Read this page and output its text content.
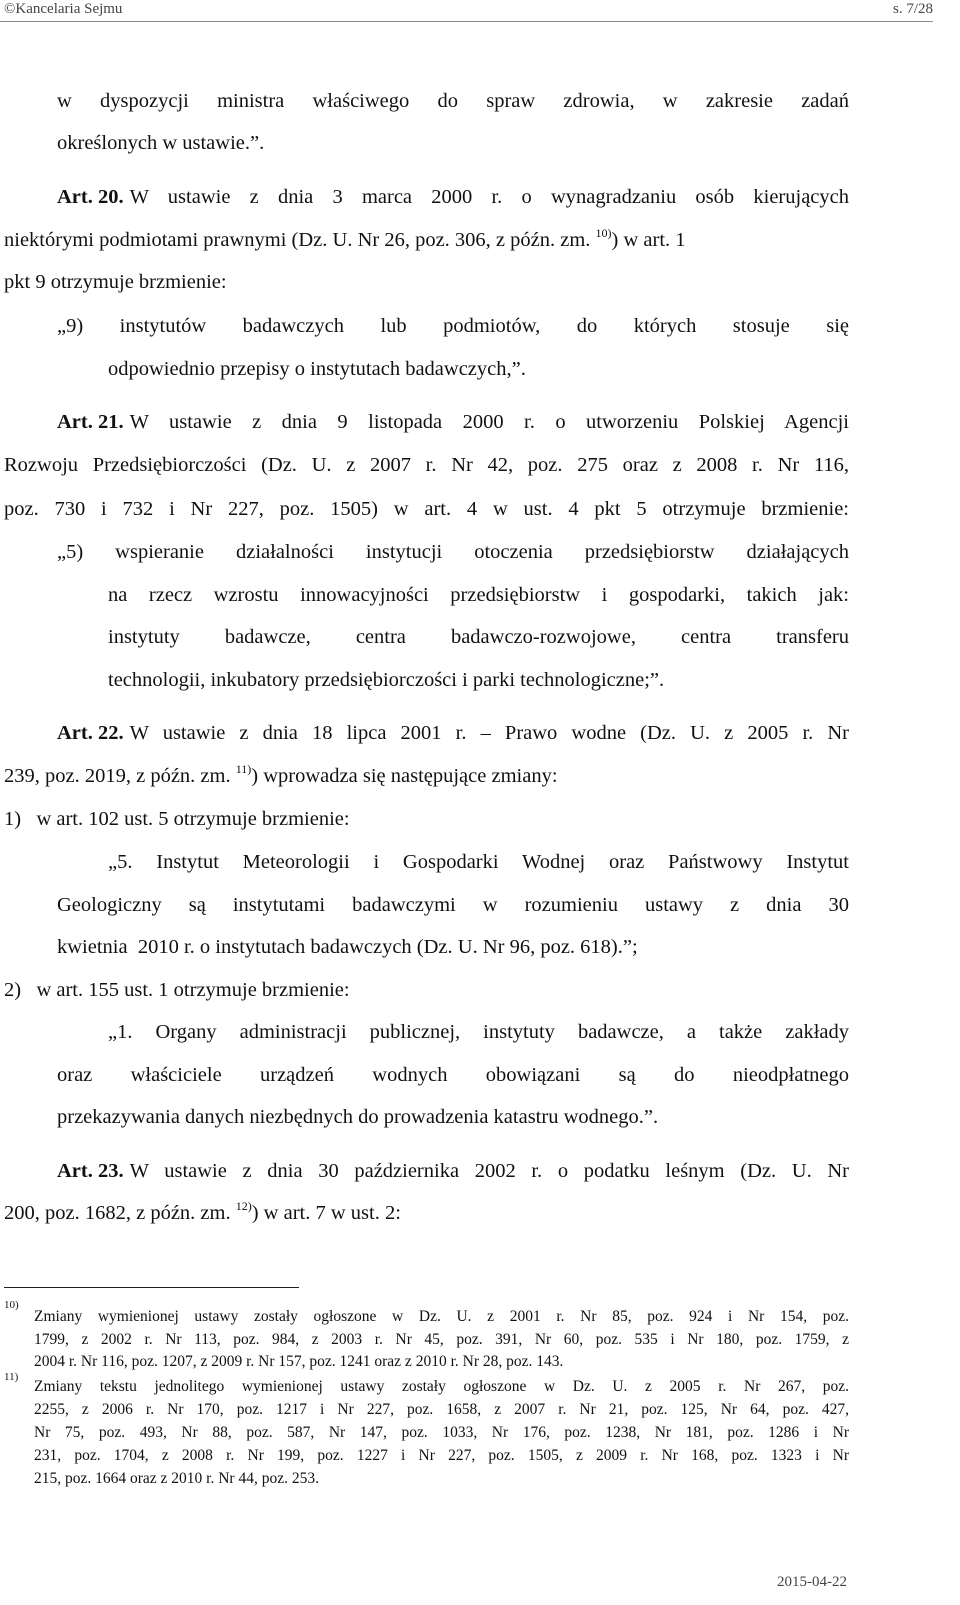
©Kancelaria Sejmu	s. 7/28
w dyspozycji ministra właściwego do spraw zdrowia, w zakresie zadań
określonych w ustawie.”.
Art. 20. W ustawie z dnia 3 marca 2000 r. o wynagradzaniu osób kierujących
niektórymi podmiotami prawnymi (Dz. U. Nr 26, poz. 306, z późn. zm. $^{10)}$) w art. 1
pkt 9 otrzymuje brzmienie:
„9) instytutów badawczych lub podmiotów, do których stosuje się
odpowiednio przepisy o instytutach badawczych,”.
Art. 21. W ustawie z dnia 9 listopada 2000 r. o utworzeniu Polskiej Agencji
Rozwoju Przedsiębiorczości (Dz. U. z 2007 r. Nr 42, poz. 275 oraz z 2008 r. Nr 116,
poz. 730 i 732 i Nr 227, poz. 1505) w art. 4 w ust. 4 pkt 5 otrzymuje brzmienie:
„5) wspieranie działalności instytucji otoczenia przedsiębiorstw działających
na rzecz wzrostu innowacyjności przedsiębiorstw i gospodarki, takich jak:
instytuty badawcze, centra badawczo-rozwojowe, centra transferu
technologii, inkubatory przedsiębiorczości i parki technologiczne;”.
Art. 22. W ustawie z dnia 18 lipca 2001 r. – Prawo wodne (Dz. U. z 2005 r. Nr
239, poz. 2019, z późn. zm. $^{11)}$) wprowadza się następujące zmiany:
1)   w art. 102 ust. 5 otrzymuje brzmienie:
„5. Instytut Meteorologii i Gospodarki Wodnej oraz Państwowy Instytut
Geologiczny są instytutami badawczymi w rozumieniu ustawy z dnia 30
kwietnia  2010 r. o instytutach badawczych (Dz. U. Nr 96, poz. 618).”;
2)   w art. 155 ust. 1 otrzymuje brzmienie:
„1. Organy administracji publicznej, instytuty badawcze, a także zakłady
oraz właściciele urządzeń wodnych obowiązani są do nieodpłatnego
przekazywania danych niezbędnych do prowadzenia katastru wodnego.”.
Art. 23. W ustawie z dnia 30 października 2002 r. o podatku leśnym (Dz. U. Nr
200, poz. 1682, z późn. zm. $^{12)}$) w art. 7 w ust. 2:
10)
Zmiany wymienionej ustawy zostały ogłoszone w Dz. U. z 2001 r. Nr 85, poz. 924 i Nr 154, poz.
1799, z 2002 r. Nr 113, poz. 984, z 2003 r. Nr 45, poz. 391, Nr 60, poz. 535 i Nr 180, poz. 1759, z
2004 r. Nr 116, poz. 1207, z 2009 r. Nr 157, poz. 1241 oraz z 2010 r. Nr 28, poz. 143.
11)
Zmiany tekstu jednolitego wymienionej ustawy zostały ogłoszone w Dz. U. z 2005 r. Nr 267, poz.
2255, z 2006 r. Nr 170, poz. 1217 i Nr 227, poz. 1658, z 2007 r. Nr 21, poz. 125, Nr 64, poz. 427,
Nr 75, poz. 493, Nr 88, poz. 587, Nr 147, poz. 1033, Nr 176, poz. 1238, Nr 181, poz. 1286 i Nr
231, poz. 1704, z 2008 r. Nr 199, poz. 1227 i Nr 227, poz. 1505, z 2009 r. Nr 168, poz. 1323 i Nr
215, poz. 1664 oraz z 2010 r. Nr 44, poz. 253.
2015-04-22
